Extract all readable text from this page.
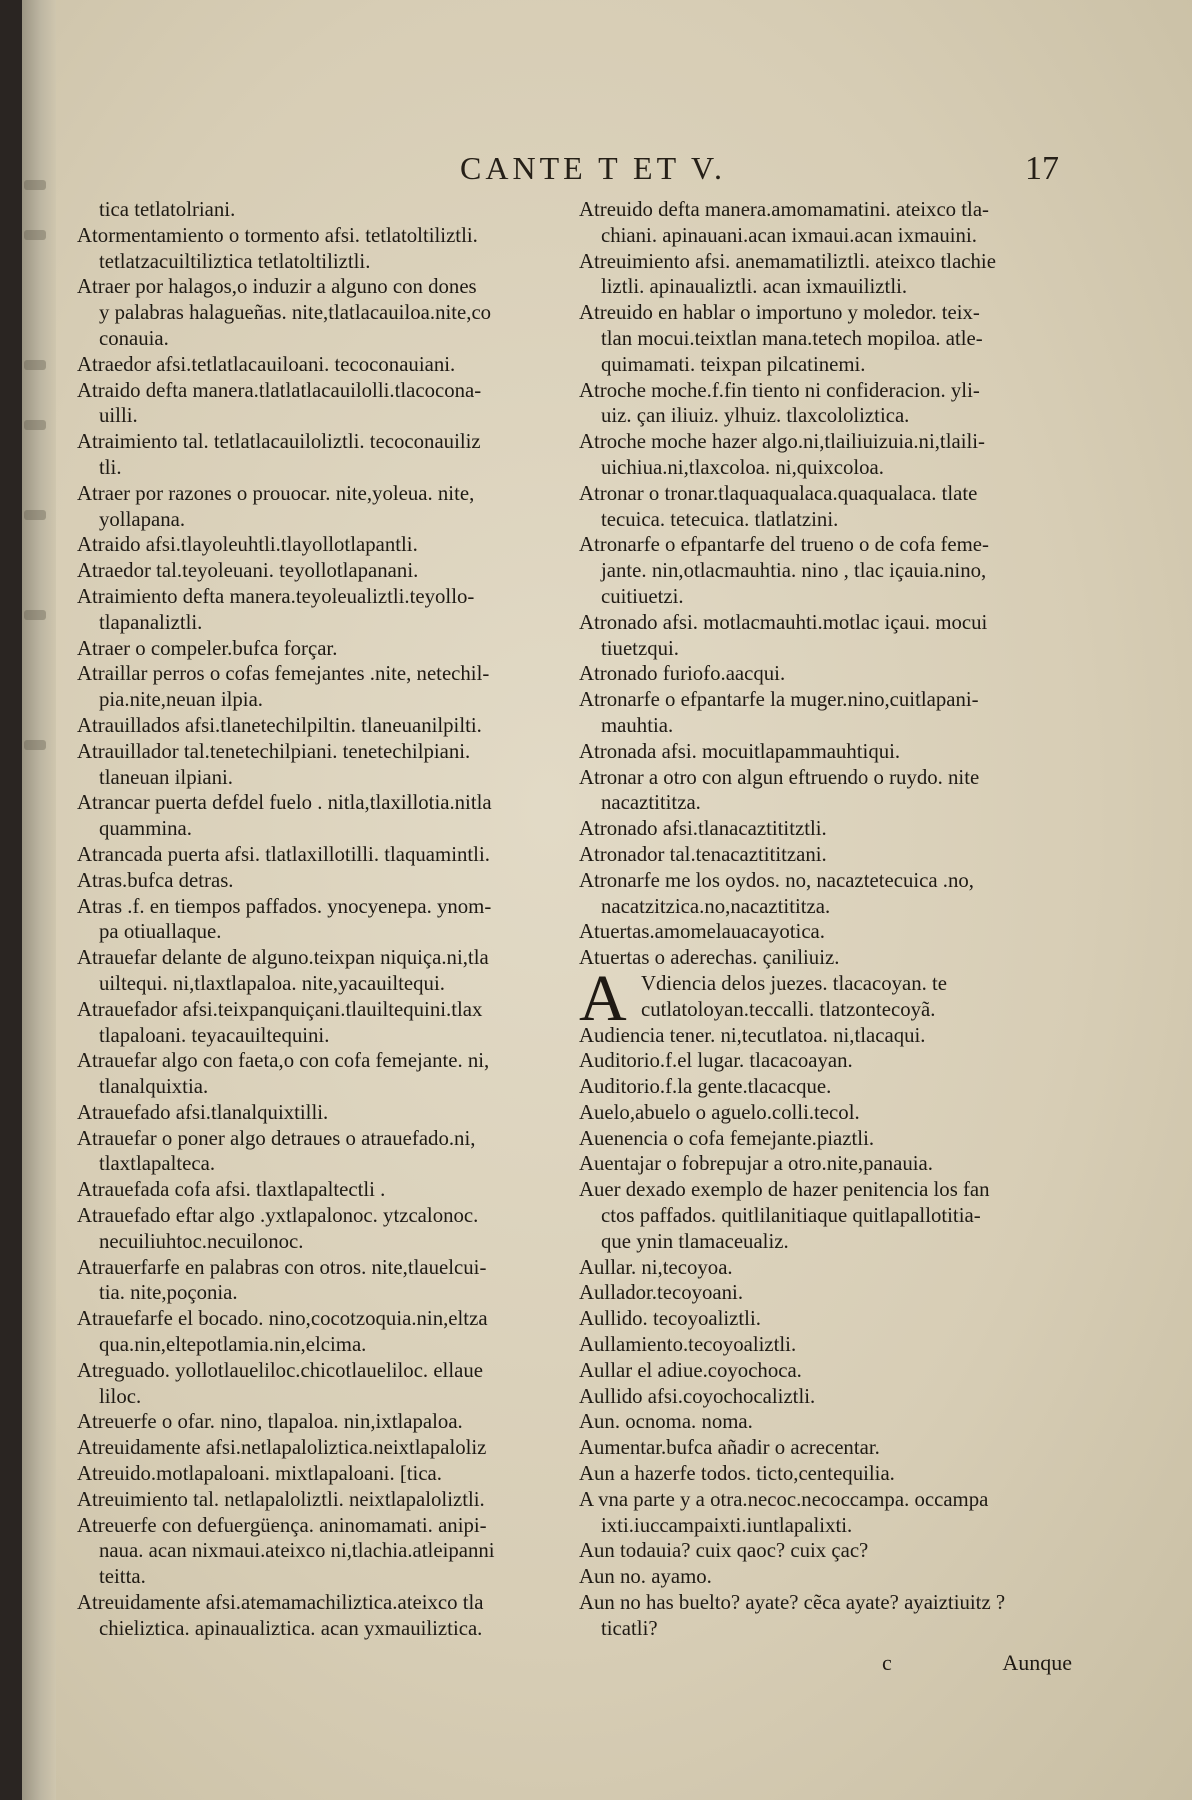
CANTE T ET V.	17
tica tetlatolriani.
Atormentamiento o tormento afsi. tetlatoltiliztli.
tetlatzacuiltiliztica tetlatoltiliztli.
Atraer por halagos,o induzir a alguno con dones
y palabras halagueñas. nite,tlatlacauiloa.nite,co
conauia.
Atraedor afsi.tetlatlacauiloani. tecoconauiani.
Atraido defta manera.tlatlatlacauilolli.tlacocona-
uilli.
Atraimiento tal. tetlatlacauiloliztli. tecoconauiliz
tli.
Atraer por razones o prouocar. nite,yoleua. nite,
yollapana.
Atraido afsi.tlayoleuhtli.tlayollotlapantli.
Atraedor tal.teyoleuani. teyollotlapanani.
Atraimiento defta manera.teyoleualiztli.teyollo-
tlapanaliztli.
Atraer o compeler.bufca forçar.
Atraillar perros o cofas femejantes .nite, netechil-
pia.nite,neuan ilpia.
Atrauillados afsi.tlanetechilpiltin. tlaneuanilpilti.
Atrauillador tal.tenetechilpiani. tenetechilpiani.
tlaneuan ilpiani.
Atrancar puerta defdel fuelo . nitla,tlaxillotia.nitla
quammina.
Atrancada puerta afsi. tlatlaxillotilli. tlaquamintli.
Atras.bufca detras.
Atras .f. en tiempos paffados. ynocyenepa. ynom-
pa otiuallaque.
Atrauefar delante de alguno.teixpan niquiça.ni,tla
uiltequi. ni,tlaxtlapaloa. nite,yacauiltequi.
Atrauefador afsi.teixpanquiçani.tlauiltequini.tlax
tlapaloani. teyacauiltequini.
Atrauefar algo con faeta,o con cofa femejante. ni,
tlanalquixtia.
Atrauefado afsi.tlanalquixtilli.
Atrauefar o poner algo detraues o atrauefado.ni,
tlaxtlapalteca.
Atrauefada cofa afsi. tlaxtlapaltectli .
Atrauefado eftar algo .yxtlapalonoc. ytzcalonoc.
necuiliuhtoc.necuilonoc.
Atrauerfarfe en palabras con otros. nite,tlauelcui-
tia. nite,poçonia.
Atrauefarfe el bocado. nino,cocotzoquia.nin,eltza
qua.nin,eltepotlamia.nin,elcima.
Atreguado. yollotlaueliloc.chicotlaueliloc. ellaue
liloc.
Atreuerfe o ofar. nino, tlapaloa. nin,ixtlapaloa.
Atreuidamente afsi.netlapaloliztica.neixtlapaloliz
Atreuido.motlapaloani. mixtlapaloani. [tica.
Atreuimiento tal. netlapaloliztli. neixtlapaloliztli.
Atreuerfe con defuergüença. aninomamati. anipi-
naua. acan nixmaui.ateixco ni,tlachia.atleipanni
teitta.
Atreuidamente afsi.atemamachiliztica.ateixco tla
chieliztica. apinaualiztica. acan yxmauiliztica.
Atreuido defta manera.amomamatini. ateixco tla-
chiani. apinauani.acan ixmaui.acan ixmauini.
Atreuimiento afsi. anemamatiliztli. ateixco tlachie
liztli. apinaualiztli. acan ixmauiliztli.
Atreuido en hablar o importuno y moledor. teix-
tlan mocui.teixtlan mana.tetech mopiloa. atle-
quimamati. teixpan pilcatinemi.
Atroche moche.f.fin tiento ni confideracion. yli-
uiz. çan iliuiz. ylhuiz. tlaxcololiztica.
Atroche moche hazer algo.ni,tlailiuizuia.ni,tlaili-
uichiua.ni,tlaxcoloa. ni,quixcoloa.
Atronar o tronar.tlaquaqualaca.quaqualaca. tlate
tecuica. tetecuica. tlatlatzini.
Atronarfe o efpantarfe del trueno o de cofa feme-
jante. nin,otlacmauhtia. nino , tlac içauia.nino,
cuitiuetzi.
Atronado afsi. motlacmauhti.motlac içaui. mocui
tiuetzqui.
Atronado furiofo.aacqui.
Atronarfe o efpantarfe la muger.nino,cuitlapani-
mauhtia.
Atronada afsi. mocuitlapammauhtiqui.
Atronar a otro con algun eftruendo o ruydo. nite
nacaztititza.
Atronado afsi.tlanacaztititztli.
Atronador tal.tenacaztititzani.
Atronarfe me los oydos. no, nacaztetecuica .no,
nacatzitzica.no,nacaztititza.
Atuertas.amomelauacayotica.
Atuertas o aderechas. çaniliuiz.
A Vdiencia delos juezes. tlacacoyan. te
cutlatoloyan.teccalli. tlatzontecoyã.
Audiencia tener. ni,tecutlatoa. ni,tlacaqui.
Auditorio.f.el lugar. tlacacoayan.
Auditorio.f.la gente.tlacacque.
Auelo,abuelo o aguelo.colli.tecol.
Auenencia o cofa femejante.piaztli.
Auentajar o fobrepujar a otro.nite,panauia.
Auer dexado exemplo de hazer penitencia los fan
ctos paffados. quitlilanitiaque quitlapallotitia-
que ynin tlamaceualiz.
Aullar. ni,tecoyoa.
Aullador.tecoyoani.
Aullido. tecoyoaliztli.
Aullamiento.tecoyoaliztli.
Aullar el adiue.coyochoca.
Aullido afsi.coyochocaliztli.
Aun. ocnoma. noma.
Aumentar.bufca añadir o acrecentar.
Aun a hazerfe todos. ticto,centequilia.
A vna parte y a otra.necoc.necoccampa. occampa
ixti.iuccampaixti.iuntlapalixti.
Aun todauia? cuix qaoc? cuix çac?
Aun no. ayamo.
Aun no has buelto? ayate? cẽca ayate? ayaiztiuitz ?
ticatli?
c	Aunque
